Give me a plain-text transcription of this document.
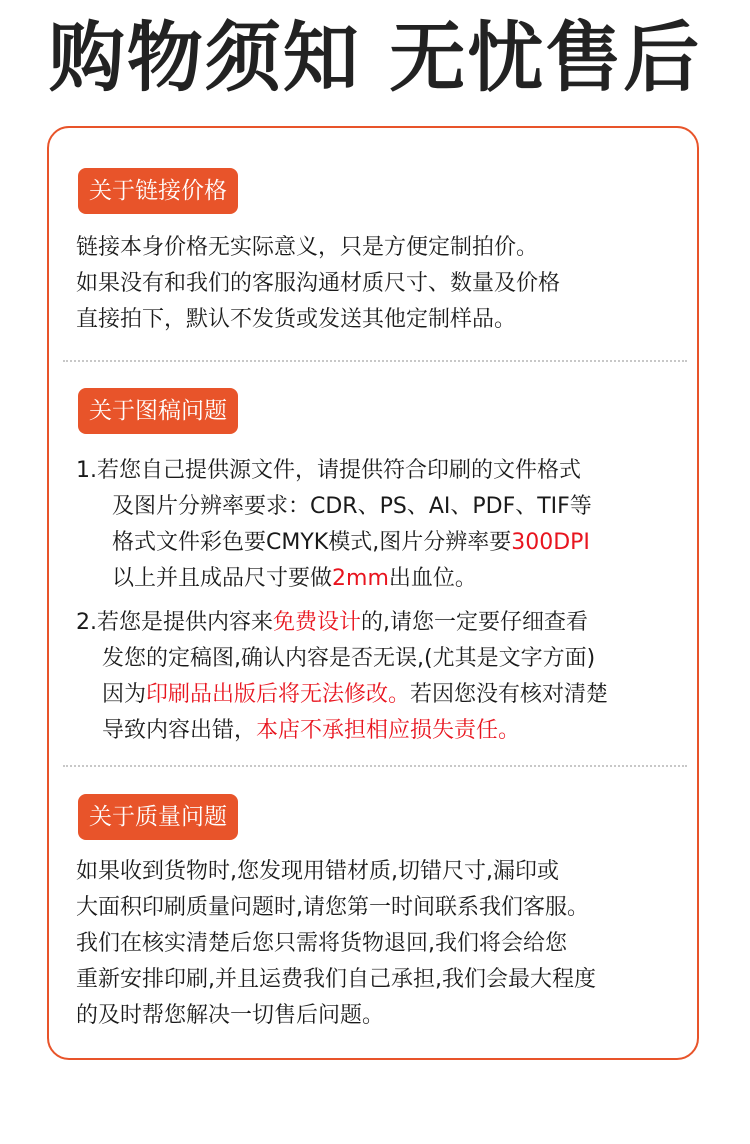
购物须知 无忧售后
关于链接价格
链接本身价格无实际意义，只是方便定制拍价。
如果没有和我们的客服沟通材质尺寸、数量及价格
直接拍下，默认不发货或发送其他定制样品。
关于图稿问题
1.若您自己提供源文件，请提供符合印刷的文件格式
及图片分辨率要求：CDR、PS、AI、PDF、TIF等
格式文件彩色要CMYK模式,图片分辨率要300DPI
以上并且成品尺寸要做2mm出血位。
2.若您是提供内容来免费设计的,请您一定要仔细查看
发您的定稿图,确认内容是否无误,(尤其是文字方面)
因为印刷品出版后将无法修改。若因您没有核对清楚
导致内容出错，本店不承担相应损失责任。
关于质量问题
如果收到货物时,您发现用错材质,切错尺寸,漏印或
大面积印刷质量问题时,请您第一时间联系我们客服。
我们在核实清楚后您只需将货物退回,我们将会给您
重新安排印刷,并且运费我们自己承担,我们会最大程度
的及时帮您解决一切售后问题。
